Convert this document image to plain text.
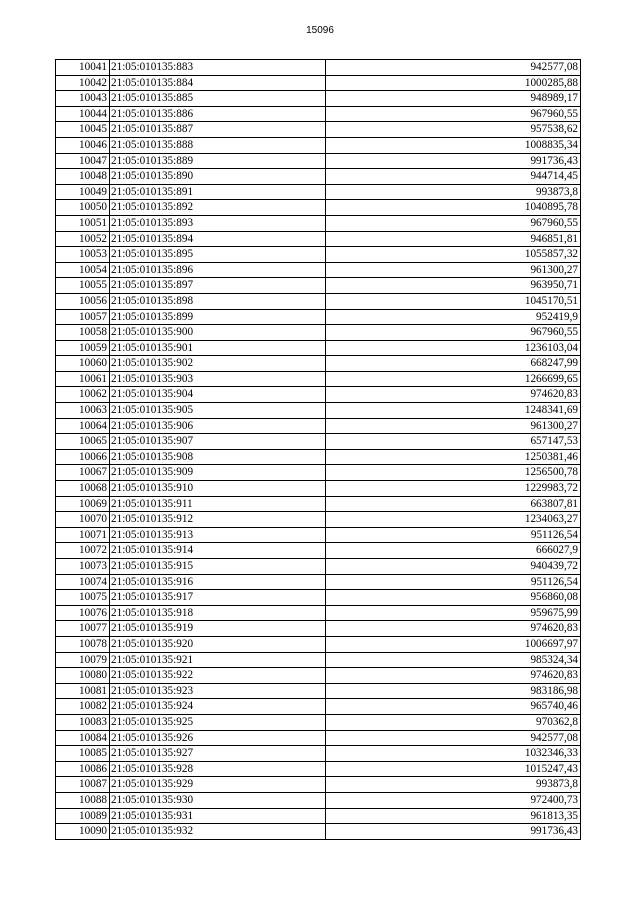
15096
10041	21:05:010135:883	942577,08
10042	21:05:010135:884	1000285,88
10043	21:05:010135:885	948989,17
10044	21:05:010135:886	967960,55
10045	21:05:010135:887	957538,62
10046	21:05:010135:888	1008835,34
10047	21:05:010135:889	991736,43
10048	21:05:010135:890	944714,45
10049	21:05:010135:891	993873,8
10050	21:05:010135:892	1040895,78
10051	21:05:010135:893	967960,55
10052	21:05:010135:894	946851,81
10053	21:05:010135:895	1055857,32
10054	21:05:010135:896	961300,27
10055	21:05:010135:897	963950,71
10056	21:05:010135:898	1045170,51
10057	21:05:010135:899	952419,9
10058	21:05:010135:900	967960,55
10059	21:05:010135:901	1236103,04
10060	21:05:010135:902	668247,99
10061	21:05:010135:903	1266699,65
10062	21:05:010135:904	974620,83
10063	21:05:010135:905	1248341,69
10064	21:05:010135:906	961300,27
10065	21:05:010135:907	657147,53
10066	21:05:010135:908	1250381,46
10067	21:05:010135:909	1256500,78
10068	21:05:010135:910	1229983,72
10069	21:05:010135:911	663807,81
10070	21:05:010135:912	1234063,27
10071	21:05:010135:913	951126,54
10072	21:05:010135:914	666027,9
10073	21:05:010135:915	940439,72
10074	21:05:010135:916	951126,54
10075	21:05:010135:917	956860,08
10076	21:05:010135:918	959675,99
10077	21:05:010135:919	974620,83
10078	21:05:010135:920	1006697,97
10079	21:05:010135:921	985324,34
10080	21:05:010135:922	974620,83
10081	21:05:010135:923	983186,98
10082	21:05:010135:924	965740,46
10083	21:05:010135:925	970362,8
10084	21:05:010135:926	942577,08
10085	21:05:010135:927	1032346,33
10086	21:05:010135:928	1015247,43
10087	21:05:010135:929	993873,8
10088	21:05:010135:930	972400,73
10089	21:05:010135:931	961813,35
10090	21:05:010135:932	991736,43
